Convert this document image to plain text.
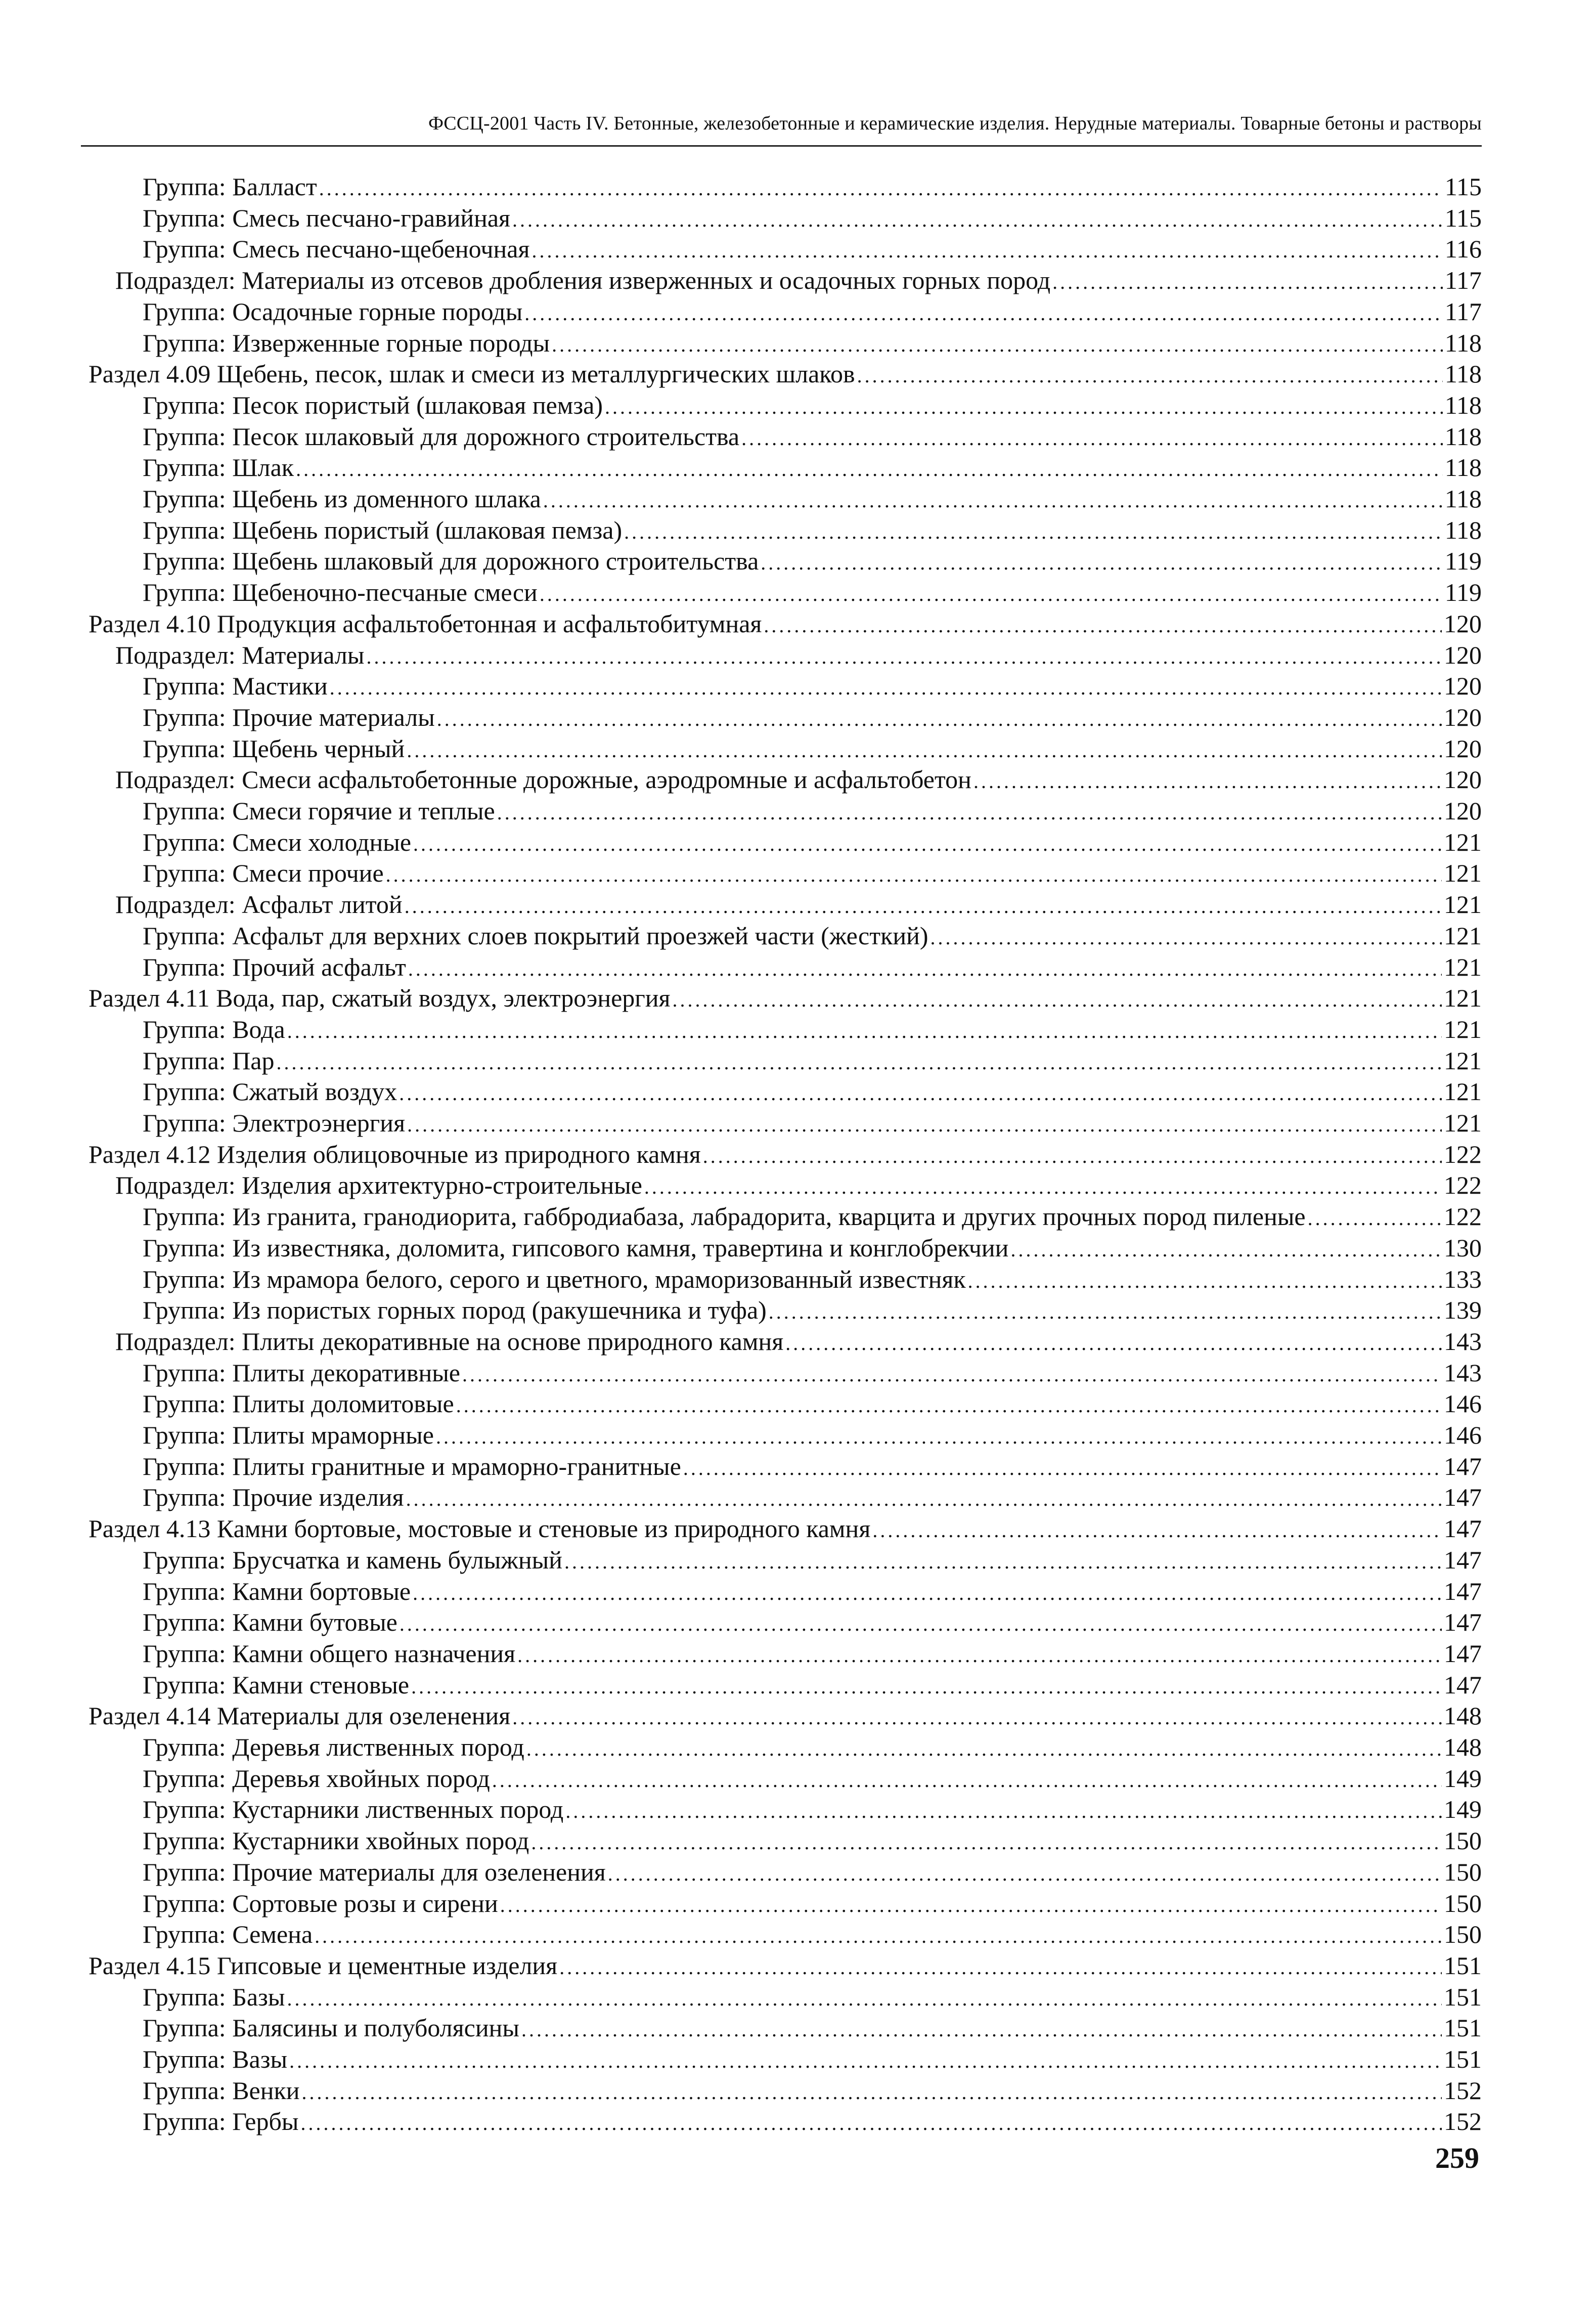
ФССЦ-2001 Часть IV. Бетонные, железобетонные и керамические изделия. Нерудные материалы. Товарные бетоны и растворы
Группа: Балласт .....	115
Группа: Смесь песчано-гравийная .....	115
Группа: Смесь песчано-щебеночная .....	116
Подраздел: Материалы из отсевов дробления изверженных и осадочных горных пород .....	117
Группа: Осадочные горные породы .....	117
Группа: Изверженные горные породы .....	118
Раздел 4.09 Щебень, песок, шлак и смеси из металлургических шлаков .....	118
Группа: Песок пористый (шлаковая пемза) .....	118
Группа: Песок шлаковый для дорожного строительства .....	118
Группа: Шлак .....	118
Группа: Щебень из доменного шлака .....	118
Группа: Щебень пористый (шлаковая пемза) .....	118
Группа: Щебень шлаковый для дорожного строительства .....	119
Группа: Щебеночно-песчаные смеси .....	119
Раздел 4.10 Продукция асфальтобетонная и асфальтобитумная .....	120
Подраздел: Материалы .....	120
Группа: Мастики .....	120
Группа: Прочие материалы .....	120
Группа: Щебень черный .....	120
Подраздел: Смеси асфальтобетонные дорожные, аэродромные и асфальтобетон .....	120
Группа: Смеси горячие и теплые .....	120
Группа: Смеси холодные .....	121
Группа: Смеси прочие .....	121
Подраздел: Асфальт литой .....	121
Группа: Асфальт для верхних слоев покрытий проезжей части (жесткий) .....	121
Группа: Прочий асфальт .....	121
Раздел 4.11 Вода, пар, сжатый воздух, электроэнергия .....	121
Группа: Вода .....	121
Группа: Пар .....	121
Группа: Сжатый воздух .....	121
Группа: Электроэнергия .....	121
Раздел 4.12 Изделия облицовочные из природного камня .....	122
Подраздел: Изделия архитектурно-строительные .....	122
Группа: Из гранита, гранодиорита, габбродиабаза, лабрадорита, кварцита и других прочных пород пиленые .....	122
Группа: Из известняка, доломита, гипсового камня, травертина и конглобрекчии .....	130
Группа: Из мрамора белого, серого и цветного, мраморизованный известняк .....	133
Группа: Из пористых горных пород (ракушечника и туфа) .....	139
Подраздел: Плиты декоративные на основе природного камня .....	143
Группа: Плиты декоративные .....	143
Группа: Плиты доломитовые .....	146
Группа: Плиты мраморные .....	146
Группа: Плиты гранитные и мраморно-гранитные .....	147
Группа: Прочие изделия .....	147
Раздел 4.13 Камни бортовые, мостовые и стеновые из природного камня .....	147
Группа: Брусчатка и камень булыжный .....	147
Группа: Камни бортовые .....	147
Группа: Камни бутовые .....	147
Группа: Камни общего назначения .....	147
Группа: Камни стеновые .....	147
Раздел 4.14 Материалы для озеленения .....	148
Группа: Деревья лиственных пород .....	148
Группа: Деревья хвойных пород .....	149
Группа: Кустарники лиственных пород .....	149
Группа: Кустарники хвойных пород .....	150
Группа: Прочие материалы для озеленения .....	150
Группа: Сортовые розы и сирени .....	150
Группа: Семена .....	150
Раздел 4.15 Гипсовые и цементные изделия .....	151
Группа: Базы .....	151
Группа: Балясины и полуболясины .....	151
Группа: Вазы .....	151
Группа: Венки .....	152
Группа: Гербы .....	152
259
